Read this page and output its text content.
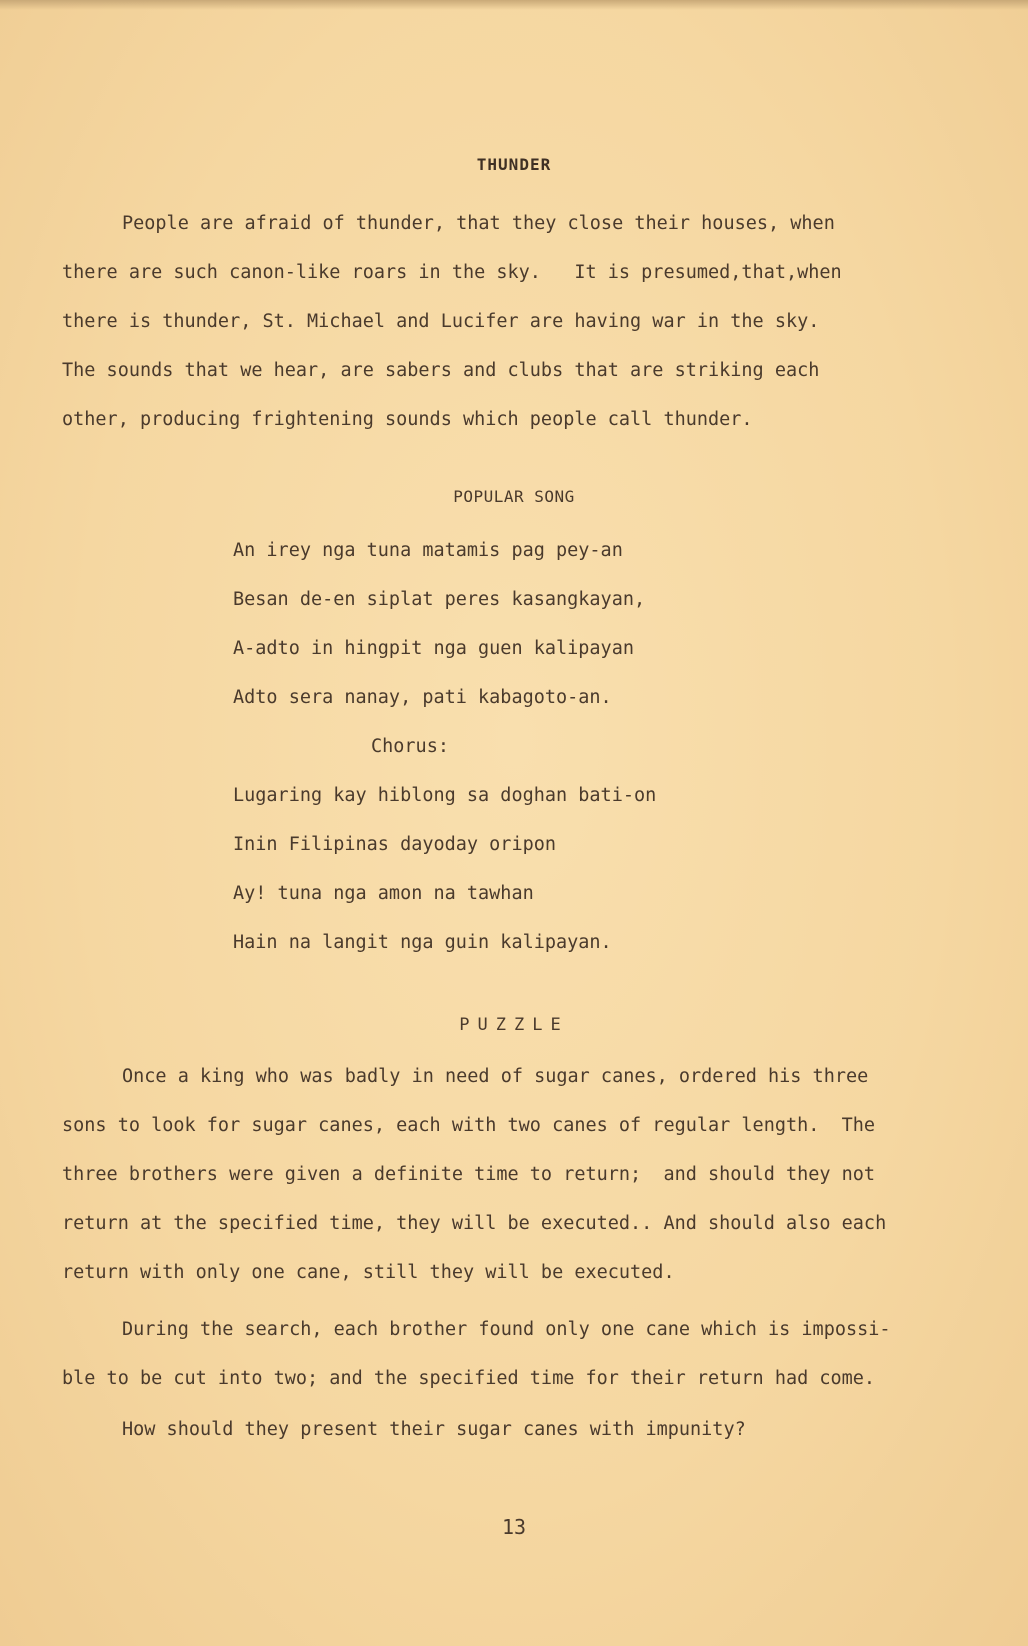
THUNDER
People are afraid of thunder, that they close their houses, when
there are such canon-like roars in the sky.   It is presumed,that,when
there is thunder, St. Michael and Lucifer are having war in the sky.
The sounds that we hear, are sabers and clubs that are striking each
other, producing frightening sounds which people call thunder.
POPULAR SONG
An irey nga tuna matamis pag pey-an
Besan de-en siplat peres kasangkayan,
A-adto in hingpit nga guen kalipayan
Adto sera nanay, pati kabagoto-an.
Chorus:
Lugaring kay hiblong sa doghan bati-on
Inin Filipinas dayoday oripon
Ay! tuna nga amon na tawhan
Hain na langit nga guin kalipayan.
PUZZLE
Once a king who was badly in need of sugar canes, ordered his three
sons to look for sugar canes, each with two canes of regular length.  The
three brothers were given a definite time to return;  and should they not
return at the specified time, they will be executed.. And should also each
return with only one cane, still they will be executed.
During the search, each brother found only one cane which is impossi-
ble to be cut into two; and the specified time for their return had come.
How should they present their sugar canes with impunity?
13
